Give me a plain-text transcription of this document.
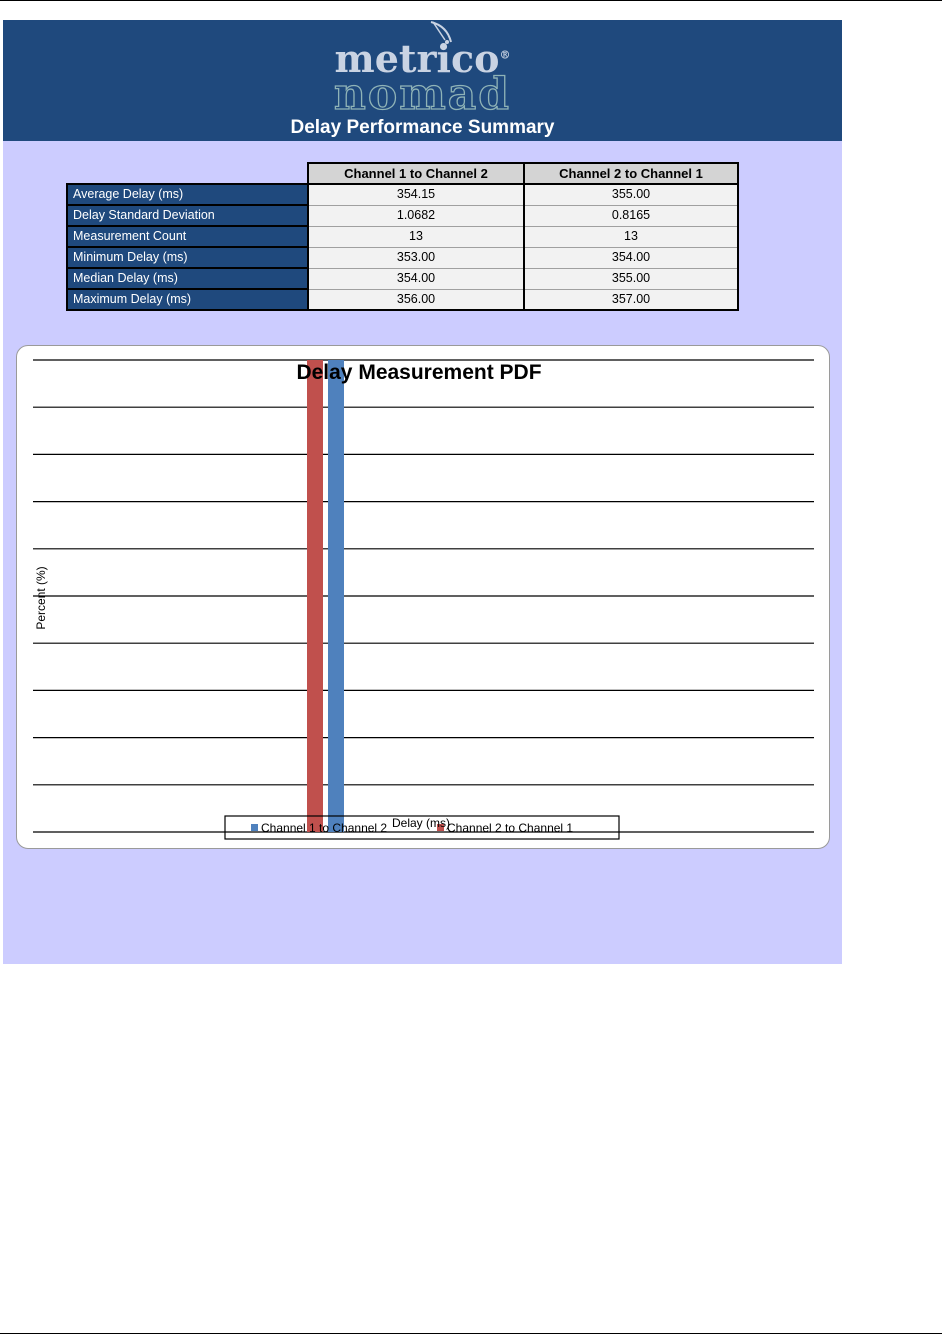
metrico®
nomad
Delay Performance Summary
	Channel 1 to Channel 2	Channel 2 to Channel 1
Average Delay (ms)	354.15	355.00
Delay Standard Deviation	1.0682	0.8165
Measurement Count	13	13
Minimum Delay (ms)	353.00	354.00
Median Delay (ms)	354.00	355.00
Maximum Delay (ms)	356.00	357.00
Delay Measurement PDF
Percent (%)
Channel 1 to Channel 2	Channel 2 to Channel 1
Delay (ms)
